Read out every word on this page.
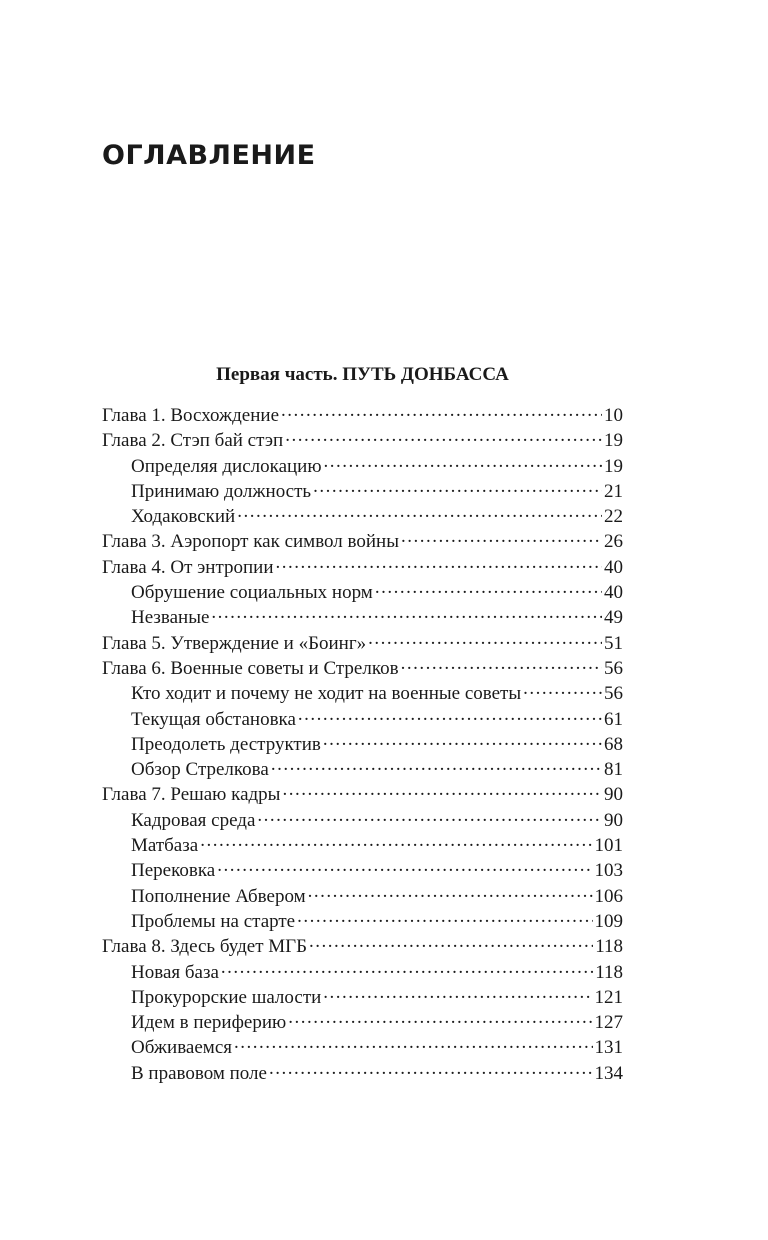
ОГЛАВЛЕНИЕ
Первая часть. ПУТЬ ДОНБАССА
Глава 1. Восхождение .....	10
Глава 2. Стэп бай стэп .....	19
Определяя дислокацию .....	19
Принимаю должность .....	21
Ходаковский .....	22
Глава 3. Аэропорт как символ войны .....	26
Глава 4. От энтропии .....	40
Обрушение социальных норм .....	40
Незваные .....	49
Глава 5. Утверждение и «Боинг» .....	51
Глава 6. Военные советы и Стрелков .....	56
Кто ходит и почему не ходит на военные советы .....	56
Текущая обстановка .....	61
Преодолеть деструктив .....	68
Обзор Стрелкова .....	81
Глава 7. Решаю кадры .....	90
Кадровая среда .....	90
Матбаза .....	101
Перековка .....	103
Пополнение Абвером .....	106
Проблемы на старте .....	109
Глава 8. Здесь будет МГБ .....	118
Новая база .....	118
Прокурорские шалости .....	121
Идем в периферию .....	127
Обживаемся .....	131
В правовом поле .....	134
